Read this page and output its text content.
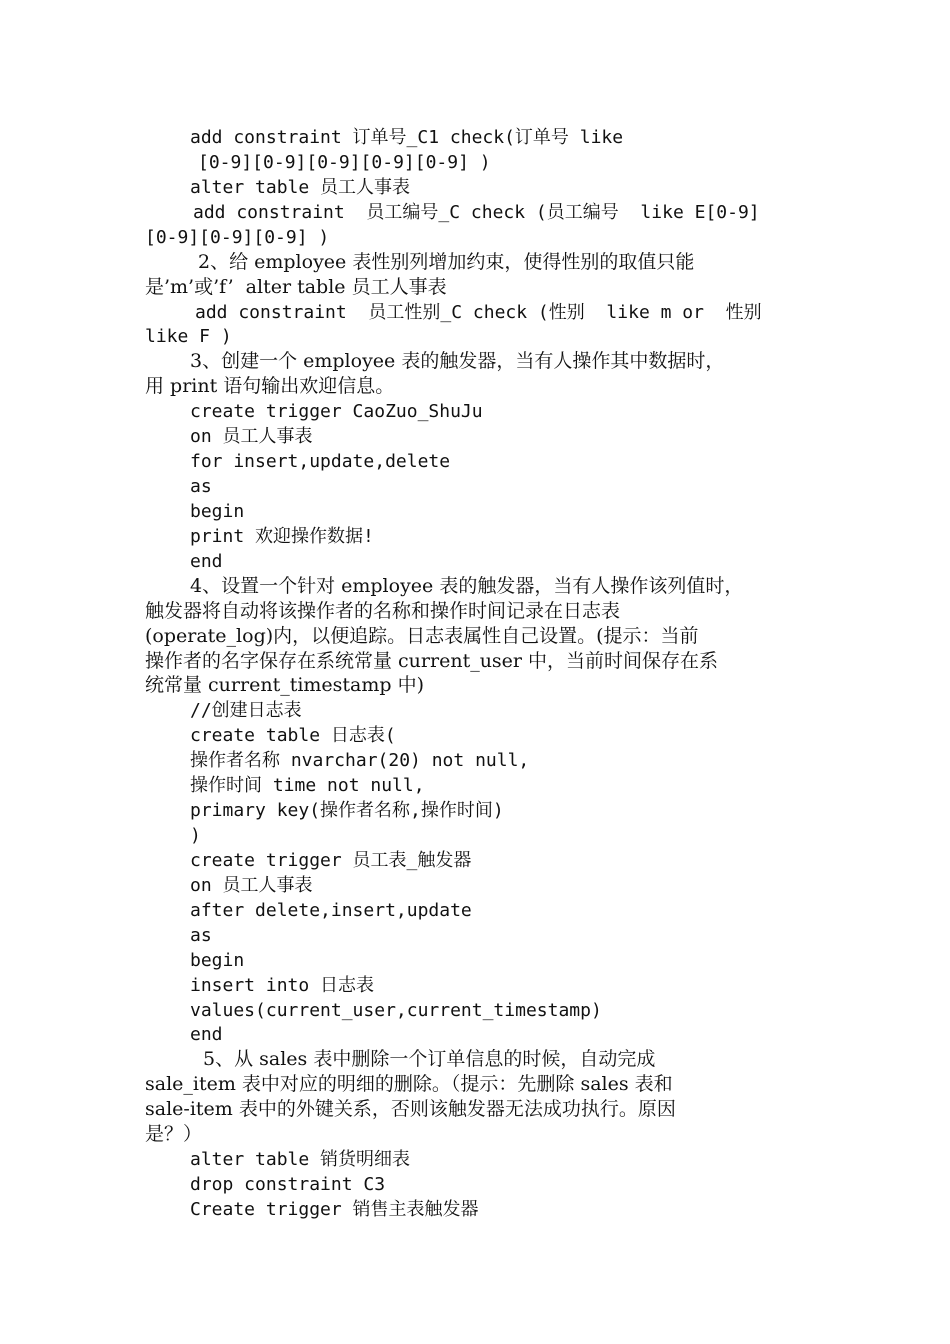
add constraint 订单号_C1 check(订单号 like
[0-9][0-9][0-9][0-9][0-9] )
alter table 员工人事表
add constraint  员工编号_C check (员工编号  like E[0-9]
[0-9][0-9][0-9] )
2、给 employee 表性别列增加约束，使得性别的取值只能
是’m’或’f’  alter table 员工人事表
add constraint  员工性别_C check (性别  like m or  性别
like F )
3、创建一个 employee 表的触发器，当有人操作其中数据时，
用 print 语句输出欢迎信息。
create trigger CaoZuo_ShuJu
on 员工人事表
for insert,update,delete
as
begin
print 欢迎操作数据!
end
4、设置一个针对 employee 表的触发器，当有人操作该列值时，
触发器将自动将该操作者的名称和操作时间记录在日志表
(operate_log)内，以便追踪。日志表属性自己设置。(提示：当前
操作者的名字保存在系统常量 current_user 中，当前时间保存在系
统常量 current_timestamp 中)
//创建日志表
create table 日志表(
操作者名称 nvarchar(20) not null,
操作时间 time not null,
primary key(操作者名称,操作时间)
)
create trigger 员工表_触发器
on 员工人事表
after delete,insert,update
as
begin
insert into 日志表
values(current_user,current_timestamp)
end
5、从 sales 表中删除一个订单信息的时候，自动完成
sale_item 表中对应的明细的删除。（提示：先删除 sales 表和
sale-item 表中的外键关系，否则该触发器无法成功执行。原因
是？）
alter table 销货明细表
drop constraint C3
Create trigger 销售主表触发器
